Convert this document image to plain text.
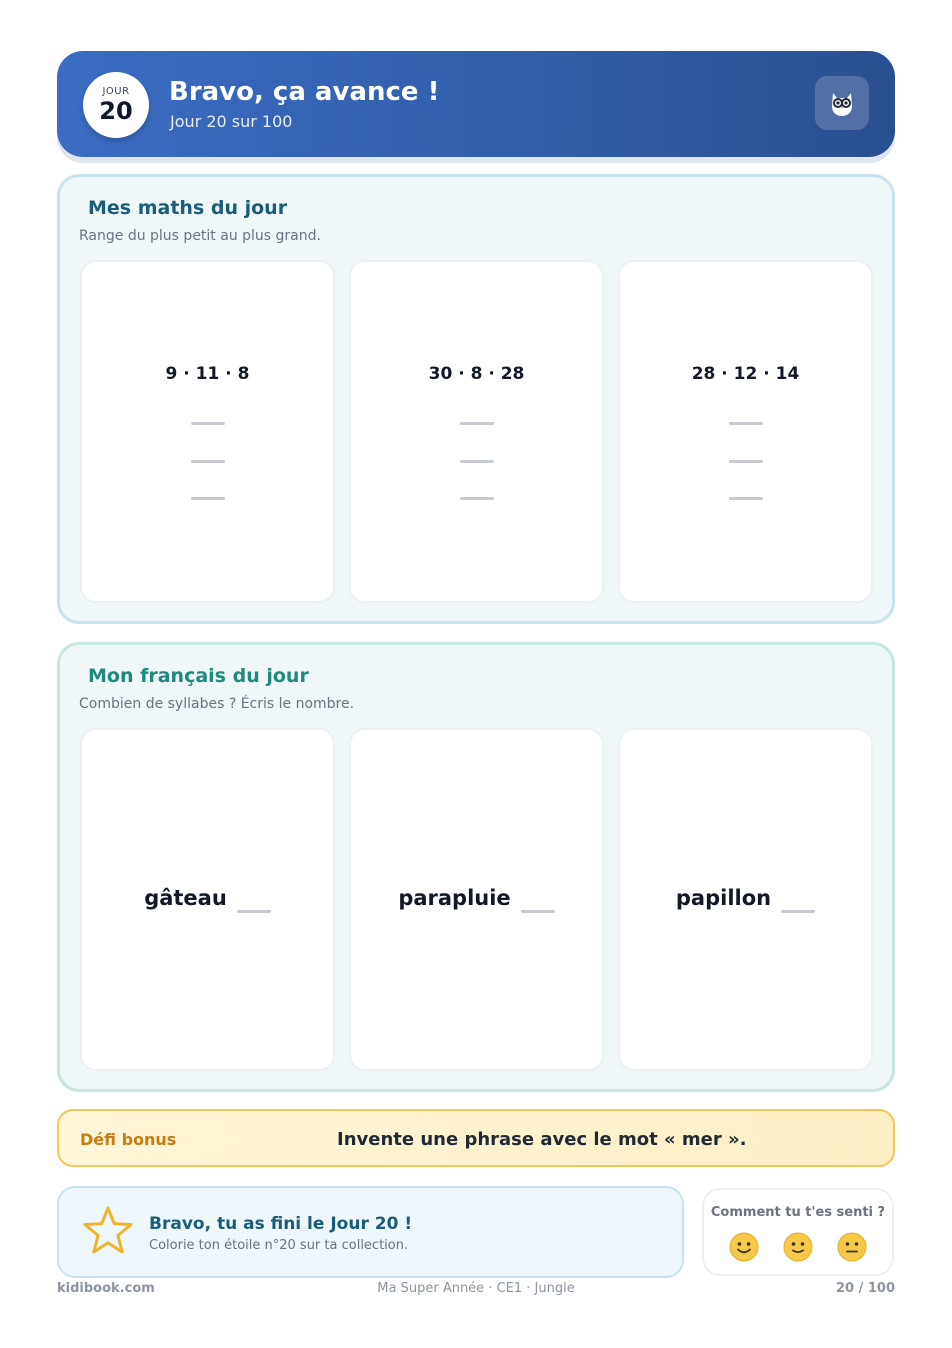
JOUR
20
Bravo, ça avance !
Jour 20 sur 100
Mes maths du jour
Range du plus petit au plus grand.
9 · 11 · 8	30 · 8 · 28	28 · 12 · 14
Mon français du jour
Combien de syllabes ? Écris le nombre.
gâteau	parapluie	papillon
Défi bonus	Invente une phrase avec le mot « mer ».
Bravo, tu as fini le Jour 20 !
Colorie ton étoile n°20 sur ta collection.
Comment tu t'es senti ?
kidibook.com	Ma Super Année · CE1 · Jungle	20 / 100
